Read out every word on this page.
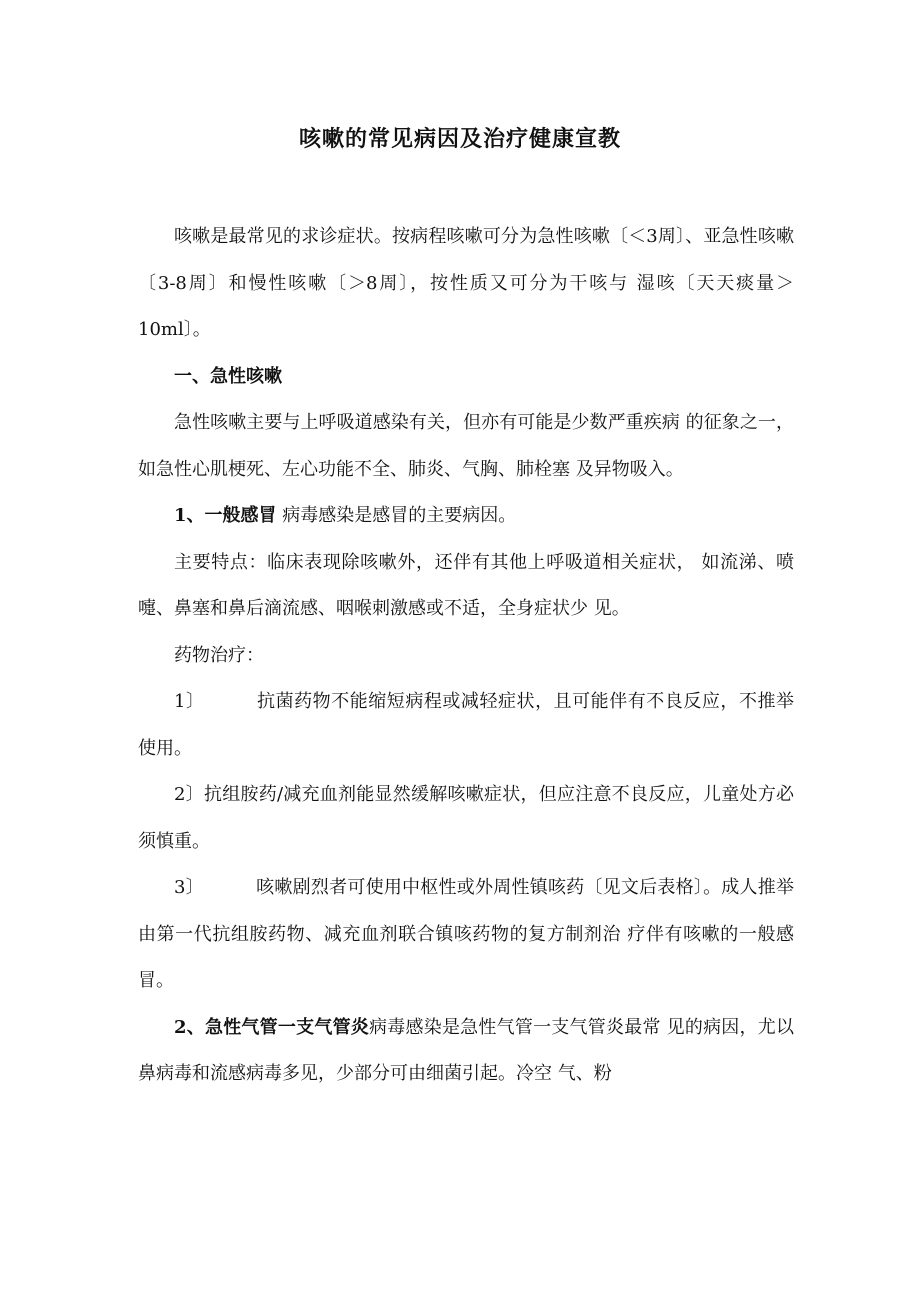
咳嗽的常见病因及治疗健康宣教

咳嗽是最常见的求诊症状。按病程咳嗽可分为急性咳嗽〔＜3周〕、亚急性咳嗽〔3-8周〕和慢性咳嗽〔＞8周〕，按性质又可分为干咳与 湿咳〔天天痰量＞10ml〕。

一、急性咳嗽

急性咳嗽主要与上呼吸道感染有关，但亦有可能是少数严重疾病 的征象之一，如急性心肌梗死、左心功能不全、肺炎、气胸、肺栓塞 及异物吸入。

1、一般感冒 病毒感染是感冒的主要病因。

主要特点：临床表现除咳嗽外，还伴有其他上呼吸道相关症状， 如流涕、喷嚏、鼻塞和鼻后滴流感、咽喉刺激感或不适，全身症状少 见。

药物治疗：

1〕	抗菌药物不能缩短病程或减轻症状，且可能伴有不良反应，不推举使用。

2〕抗组胺药/减充血剂能显然缓解咳嗽症状，但应注意不良反应，儿童处方必须慎重。

3〕	咳嗽剧烈者可使用中枢性或外周性镇咳药〔见文后表格〕。成人推举由第一代抗组胺药物、减充血剂联合镇咳药物的复方制剂治 疗伴有咳嗽的一般感冒。

2、急性气管一支气管炎病毒感染是急性气管一支气管炎最常 见的病因，尤以鼻病毒和流感病毒多见，少部分可由细菌引起。冷空 气、粉
